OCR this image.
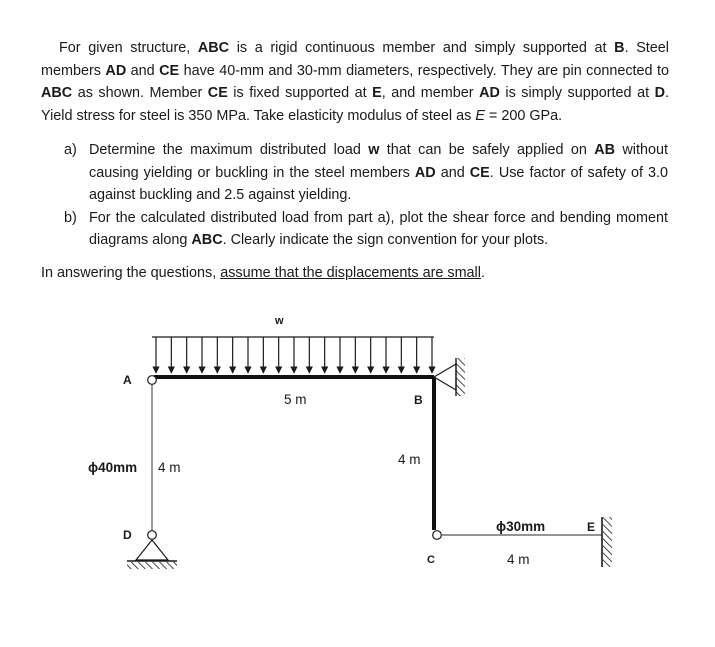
For given structure, ABC is a rigid continuous member and simply supported at B. Steel members AD and CE have 40-mm and 30-mm diameters, respectively. They are pin connected to ABC as shown. Member CE is fixed supported at E, and member AD is simply supported at D. Yield stress for steel is 350 MPa. Take elasticity modulus of steel as E = 200 GPa.
a) Determine the maximum distributed load w that can be safely applied on AB without causing yielding or buckling in the steel members AD and CE. Use factor of safety of 3.0 against buckling and 2.5 against yielding.
b) For the calculated distributed load from part a), plot the shear force and bending moment diagrams along ABC. Clearly indicate the sign convention for your plots.
In answering the questions, assume that the displacements are small.
w
A
B
C
D
E
5 m
4 m
ϕ40mm 4 m
ϕ30mm
4 m
